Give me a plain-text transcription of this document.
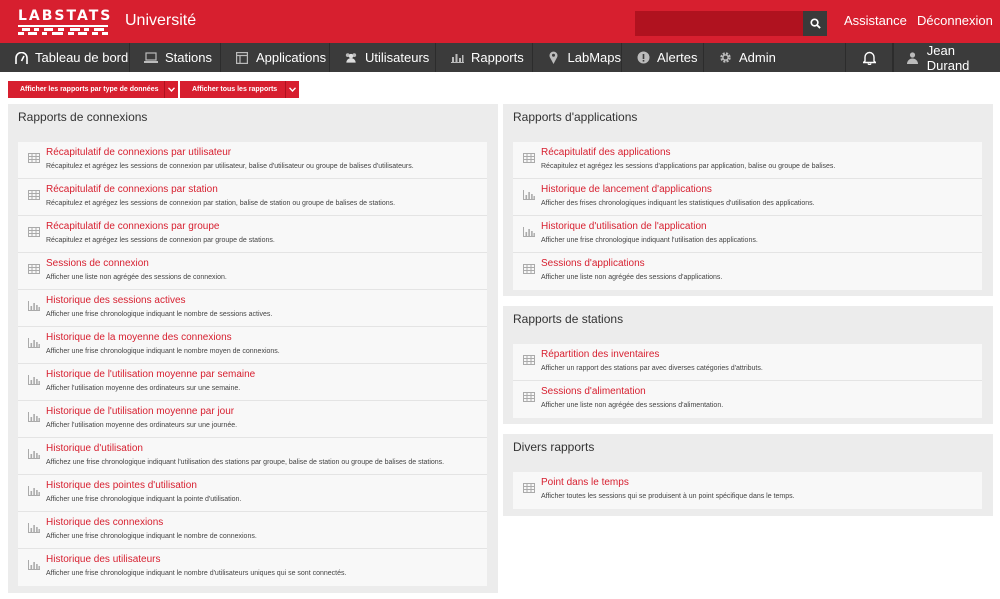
LABSTATS Université	Assistance Déconnexion
Tableau de bord	Stations	Applications	Utilisateurs	Rapports	LabMaps	Alertes	Admin	Jean Durand
Afficher les rapports par type de données	Afficher tous les rapports
Rapports de connexions
Récapitulatif de connexions par utilisateur
Récapitulez et agrégez les sessions de connexion par utilisateur, balise d'utilisateur ou groupe de balises d'utilisateurs.
Récapitulatif de connexions par station
Récapitulez et agrégez les sessions de connexion par station, balise de station ou groupe de balises de stations.
Récapitulatif de connexions par groupe
Récapitulez et agrégez les sessions de connexion par groupe de stations.
Sessions de connexion
Afficher une liste non agrégée des sessions de connexion.
Historique des sessions actives
Afficher une frise chronologique indiquant le nombre de sessions actives.
Historique de la moyenne des connexions
Afficher une frise chronologique indiquant le nombre moyen de connexions.
Historique de l'utilisation moyenne par semaine
Afficher l'utilisation moyenne des ordinateurs sur une semaine.
Historique de l'utilisation moyenne par jour
Afficher l'utilisation moyenne des ordinateurs sur une journée.
Historique d'utilisation
Affichez une frise chronologique indiquant l'utilisation des stations par groupe, balise de station ou groupe de balises de stations.
Historique des pointes d'utilisation
Afficher une frise chronologique indiquant la pointe d'utilisation.
Historique des connexions
Afficher une frise chronologique indiquant le nombre de connexions.
Historique des utilisateurs
Afficher une frise chronologique indiquant le nombre d'utilisateurs uniques qui se sont connectés.
Rapports d'applications
Récapitulatif des applications
Récapitulez et agrégez les sessions d'applications par application, balise ou groupe de balises.
Historique de lancement d'applications
Afficher des frises chronologiques indiquant les statistiques d'utilisation des applications.
Historique d'utilisation de l'application
Afficher une frise chronologique indiquant l'utilisation des applications.
Sessions d'applications
Afficher une liste non agrégée des sessions d'applications.
Rapports de stations
Répartition des inventaires
Afficher un rapport des stations par avec diverses catégories d'attributs.
Sessions d'alimentation
Afficher une liste non agrégée des sessions d'alimentation.
Divers rapports
Point dans le temps
Afficher toutes les sessions qui se produisent à un point spécifique dans le temps.
